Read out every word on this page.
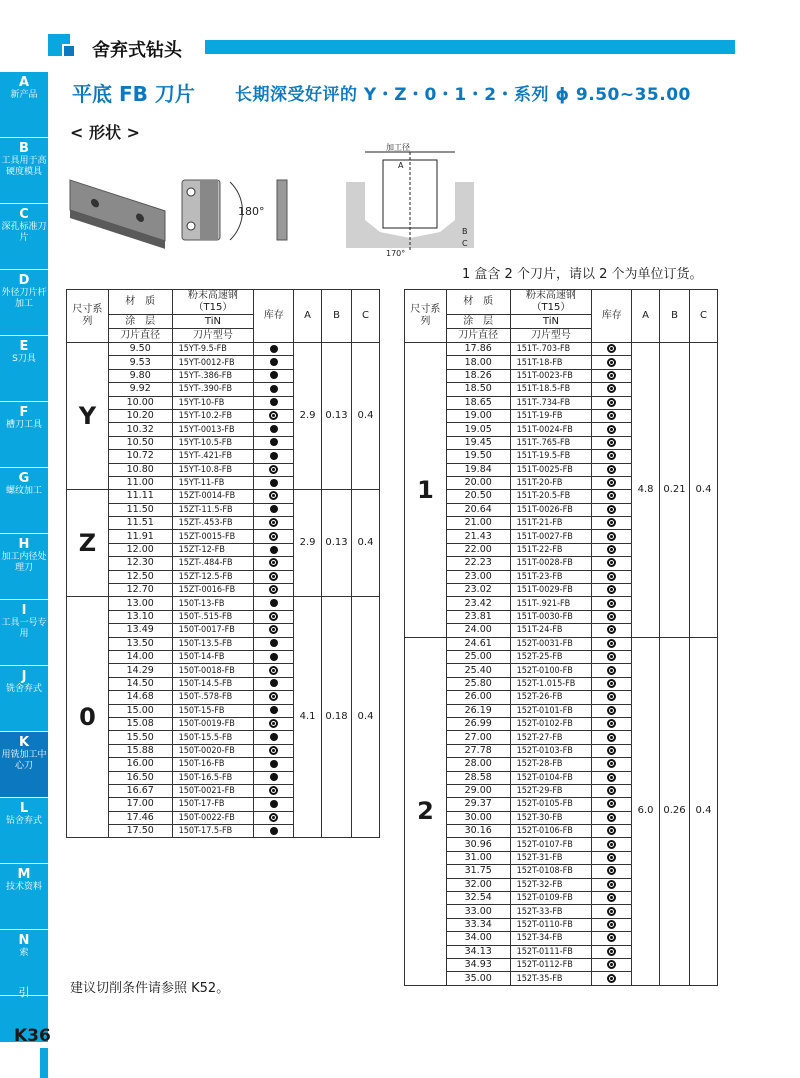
A
新产品
B
工具用于高硬度模具
C
深孔标准刀片
D
外径刀片杆加工
E
S刀具
F
槽刀工具
G
螺纹加工
H
加工内径处理刀
I
工具一号专用
J
铣舍弃式
K
用铣加工中心刀
L
钻舍弃式
M
技术资料
N
索
引
舍弃式钻头
平底 FB 刀片 长期深受好评的 Y・Z・0・1・2・系列 ϕ 9.50~35.00
< 形状 >
180°
加工径
A
B
C
170°
1 盒含 2 个刀片，请以 2 个为单位订货。
尺寸系列	材　质	粉末高速钢（T15）	库存	A	B	C
	涂　层	TiN				
	刀片直径	刀片型号				
Y	9.50	15YT-9.5-FB		2.9	0.13	0.4
	9.53	15YT-0012-FB				
	9.80	15YT-.386-FB				
	9.92	15YT-.390-FB				
	10.00	15YT-10-FB				
	10.20	15YT-10.2-FB				
	10.32	15YT-0013-FB				
	10.50	15YT-10.5-FB				
	10.72	15YT-.421-FB				
	10.80	15YT-10.8-FB				
	11.00	15YT-11-FB				
Z	11.11	15ZT-0014-FB		2.9	0.13	0.4
	11.50	15ZT-11.5-FB				
	11.51	15ZT-.453-FB				
	11.91	15ZT-0015-FB				
	12.00	15ZT-12-FB				
	12.30	15ZT-.484-FB				
	12.50	15ZT-12.5-FB				
	12.70	15ZT-0016-FB				
0	13.00	150T-13-FB		4.1	0.18	0.4
	13.10	150T-.515-FB				
	13.49	150T-0017-FB				
	13.50	150T-13.5-FB				
	14.00	150T-14-FB				
	14.29	150T-0018-FB				
	14.50	150T-14.5-FB				
	14.68	150T-.578-FB				
	15.00	150T-15-FB				
	15.08	150T-0019-FB				
	15.50	150T-15.5-FB				
	15.88	150T-0020-FB				
	16.00	150T-16-FB				
	16.50	150T-16.5-FB				
	16.67	150T-0021-FB				
	17.00	150T-17-FB				
	17.46	150T-0022-FB				
	17.50	150T-17.5-FB				
尺寸系列	材　质	粉末高速钢（T15）	库存	A	B	C
	涂　层	TiN				
	刀片直径	刀片型号				
1	17.86	151T-.703-FB		4.8	0.21	0.4
	18.00	151T-18-FB				
	18.26	151T-0023-FB				
	18.50	151T-18.5-FB				
	18.65	151T-.734-FB				
	19.00	151T-19-FB				
	19.05	151T-0024-FB				
	19.45	151T-.765-FB				
	19.50	151T-19.5-FB				
	19.84	151T-0025-FB				
	20.00	151T-20-FB				
	20.50	151T-20.5-FB				
	20.64	151T-0026-FB				
	21.00	151T-21-FB				
	21.43	151T-0027-FB				
	22.00	151T-22-FB				
	22.23	151T-0028-FB				
	23.00	151T-23-FB				
	23.02	151T-0029-FB				
	23.42	151T-.921-FB				
	23.81	151T-0030-FB				
	24.00	151T-24-FB				
2	24.61	152T-0031-FB		6.0	0.26	0.4
	25.00	152T-25-FB				
	25.40	152T-0100-FB				
	25.80	152T-1.015-FB				
	26.00	152T-26-FB				
	26.19	152T-0101-FB				
	26.99	152T-0102-FB				
	27.00	152T-27-FB				
	27.78	152T-0103-FB				
	28.00	152T-28-FB				
	28.58	152T-0104-FB				
	29.00	152T-29-FB				
	29.37	152T-0105-FB				
	30.00	152T-30-FB				
	30.16	152T-0106-FB				
	30.96	152T-0107-FB				
	31.00	152T-31-FB				
	31.75	152T-0108-FB				
	32.00	152T-32-FB				
	32.54	152T-0109-FB				
	33.00	152T-33-FB				
	33.34	152T-0110-FB				
	34.00	152T-34-FB				
	34.13	152T-0111-FB				
	34.93	152T-0112-FB				
	35.00	152T-35-FB				
建议切削条件请参照 K52。
K36
